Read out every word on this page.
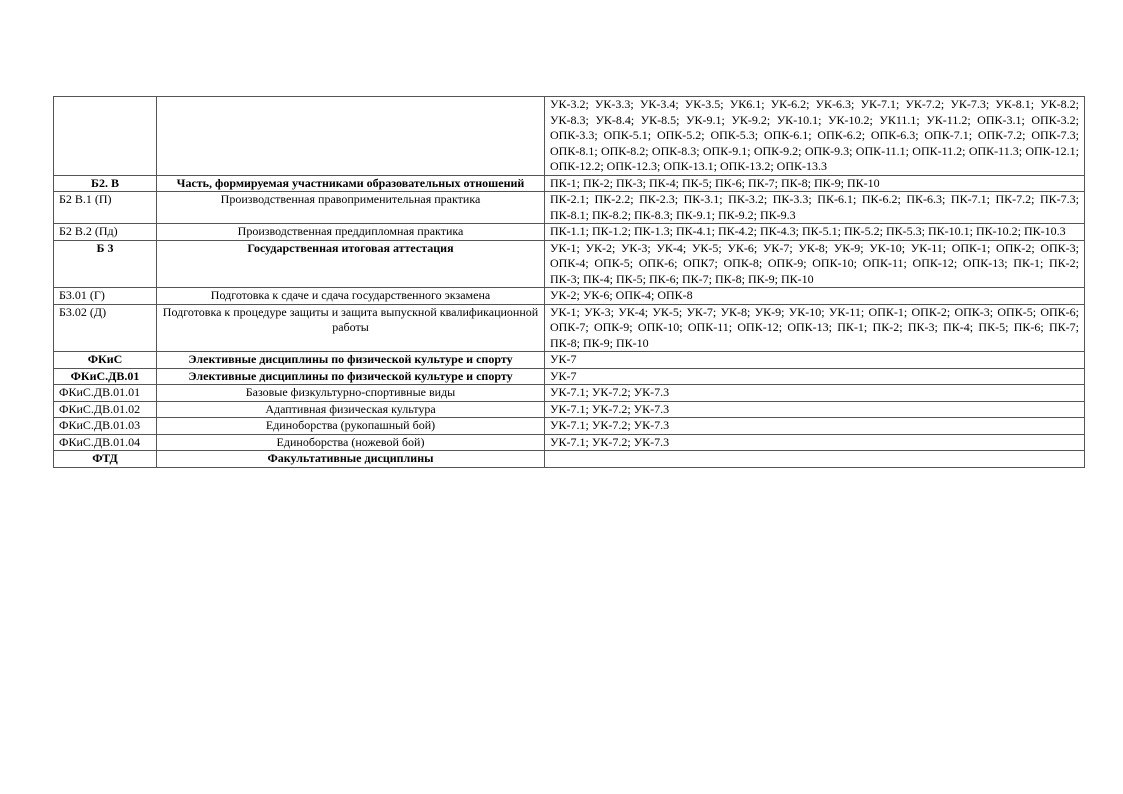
		УК-3.2; УК-3.3; УК-3.4; УК-3.5; УК6.1; УК-6.2; УК-6.3; УК-7.1; УК-7.2; УК-7.3; УК-8.1; УК-8.2; УК-8.3; УК-8.4; УК-8.5; УК-9.1; УК-9.2; УК-10.1; УК-10.2; УК11.1; УК-11.2; ОПК-3.1; ОПК-3.2; ОПК-3.3; ОПК-5.1; ОПК-5.2; ОПК-5.3; ОПК-6.1; ОПК-6.2; ОПК-6.3; ОПК-7.1; ОПК-7.2; ОПК-7.3; ОПК-8.1; ОПК-8.2; ОПК-8.3; ОПК-9.1; ОПК-9.2; ОПК-9.3; ОПК-11.1; ОПК-11.2; ОПК-11.3; ОПК-12.1; ОПК-12.2; ОПК-12.3; ОПК-13.1; ОПК-13.2; ОПК-13.3
Б2. В	Часть, формируемая участниками образовательных отношений	ПК-1; ПК-2; ПК-3; ПК-4; ПК-5; ПК-6; ПК-7; ПК-8; ПК-9; ПК-10
Б2 В.1 (П)	Производственная правоприменительная практика	ПК-2.1; ПК-2.2; ПК-2.3; ПК-3.1; ПК-3.2; ПК-3.3; ПК-6.1; ПК-6.2; ПК-6.3; ПК-7.1; ПК-7.2; ПК-7.3; ПК-8.1; ПК-8.2; ПК-8.3; ПК-9.1; ПК-9.2; ПК-9.3
Б2 В.2 (Пд)	Производственная преддипломная практика	ПК-1.1; ПК-1.2; ПК-1.3; ПК-4.1; ПК-4.2; ПК-4.3; ПК-5.1; ПК-5.2; ПК-5.3; ПК-10.1; ПК-10.2; ПК-10.3
Б 3	Государственная итоговая аттестация	УК-1; УК-2; УК-3; УК-4; УК-5; УК-6; УК-7; УК-8; УК-9; УК-10; УК-11; ОПК-1; ОПК-2; ОПК-3; ОПК-4; ОПК-5; ОПК-6; ОПК7; ОПК-8; ОПК-9; ОПК-10; ОПК-11; ОПК-12; ОПК-13; ПК-1; ПК-2; ПК-3; ПК-4; ПК-5; ПК-6; ПК-7; ПК-8; ПК-9; ПК-10
Б3.01 (Г)	Подготовка к сдаче и сдача государственного экзамена	УК-2; УК-6; ОПК-4; ОПК-8
Б3.02 (Д)	Подготовка к процедуре защиты и защита выпускной квалификационной работы	УК-1; УК-3; УК-4; УК-5; УК-7; УК-8; УК-9; УК-10; УК-11; ОПК-1; ОПК-2; ОПК-3; ОПК-5; ОПК-6; ОПК-7; ОПК-9; ОПК-10; ОПК-11; ОПК-12; ОПК-13; ПК-1; ПК-2; ПК-3; ПК-4; ПК-5; ПК-6; ПК-7; ПК-8; ПК-9; ПК-10
ФКиС	Элективные дисциплины по физической культуре и спорту	УК-7
ФКиС.ДВ.01	Элективные дисциплины по физической культуре и спорту	УК-7
ФКиС.ДВ.01.01	Базовые физкультурно-спортивные виды	УК-7.1; УК-7.2; УК-7.3
ФКиС.ДВ.01.02	Адаптивная физическая культура	УК-7.1; УК-7.2; УК-7.3
ФКиС.ДВ.01.03	Единоборства (рукопашный бой)	УК-7.1; УК-7.2; УК-7.3
ФКиС.ДВ.01.04	Единоборства (ножевой бой)	УК-7.1; УК-7.2; УК-7.3
ФТД	Факультативные дисциплины	
